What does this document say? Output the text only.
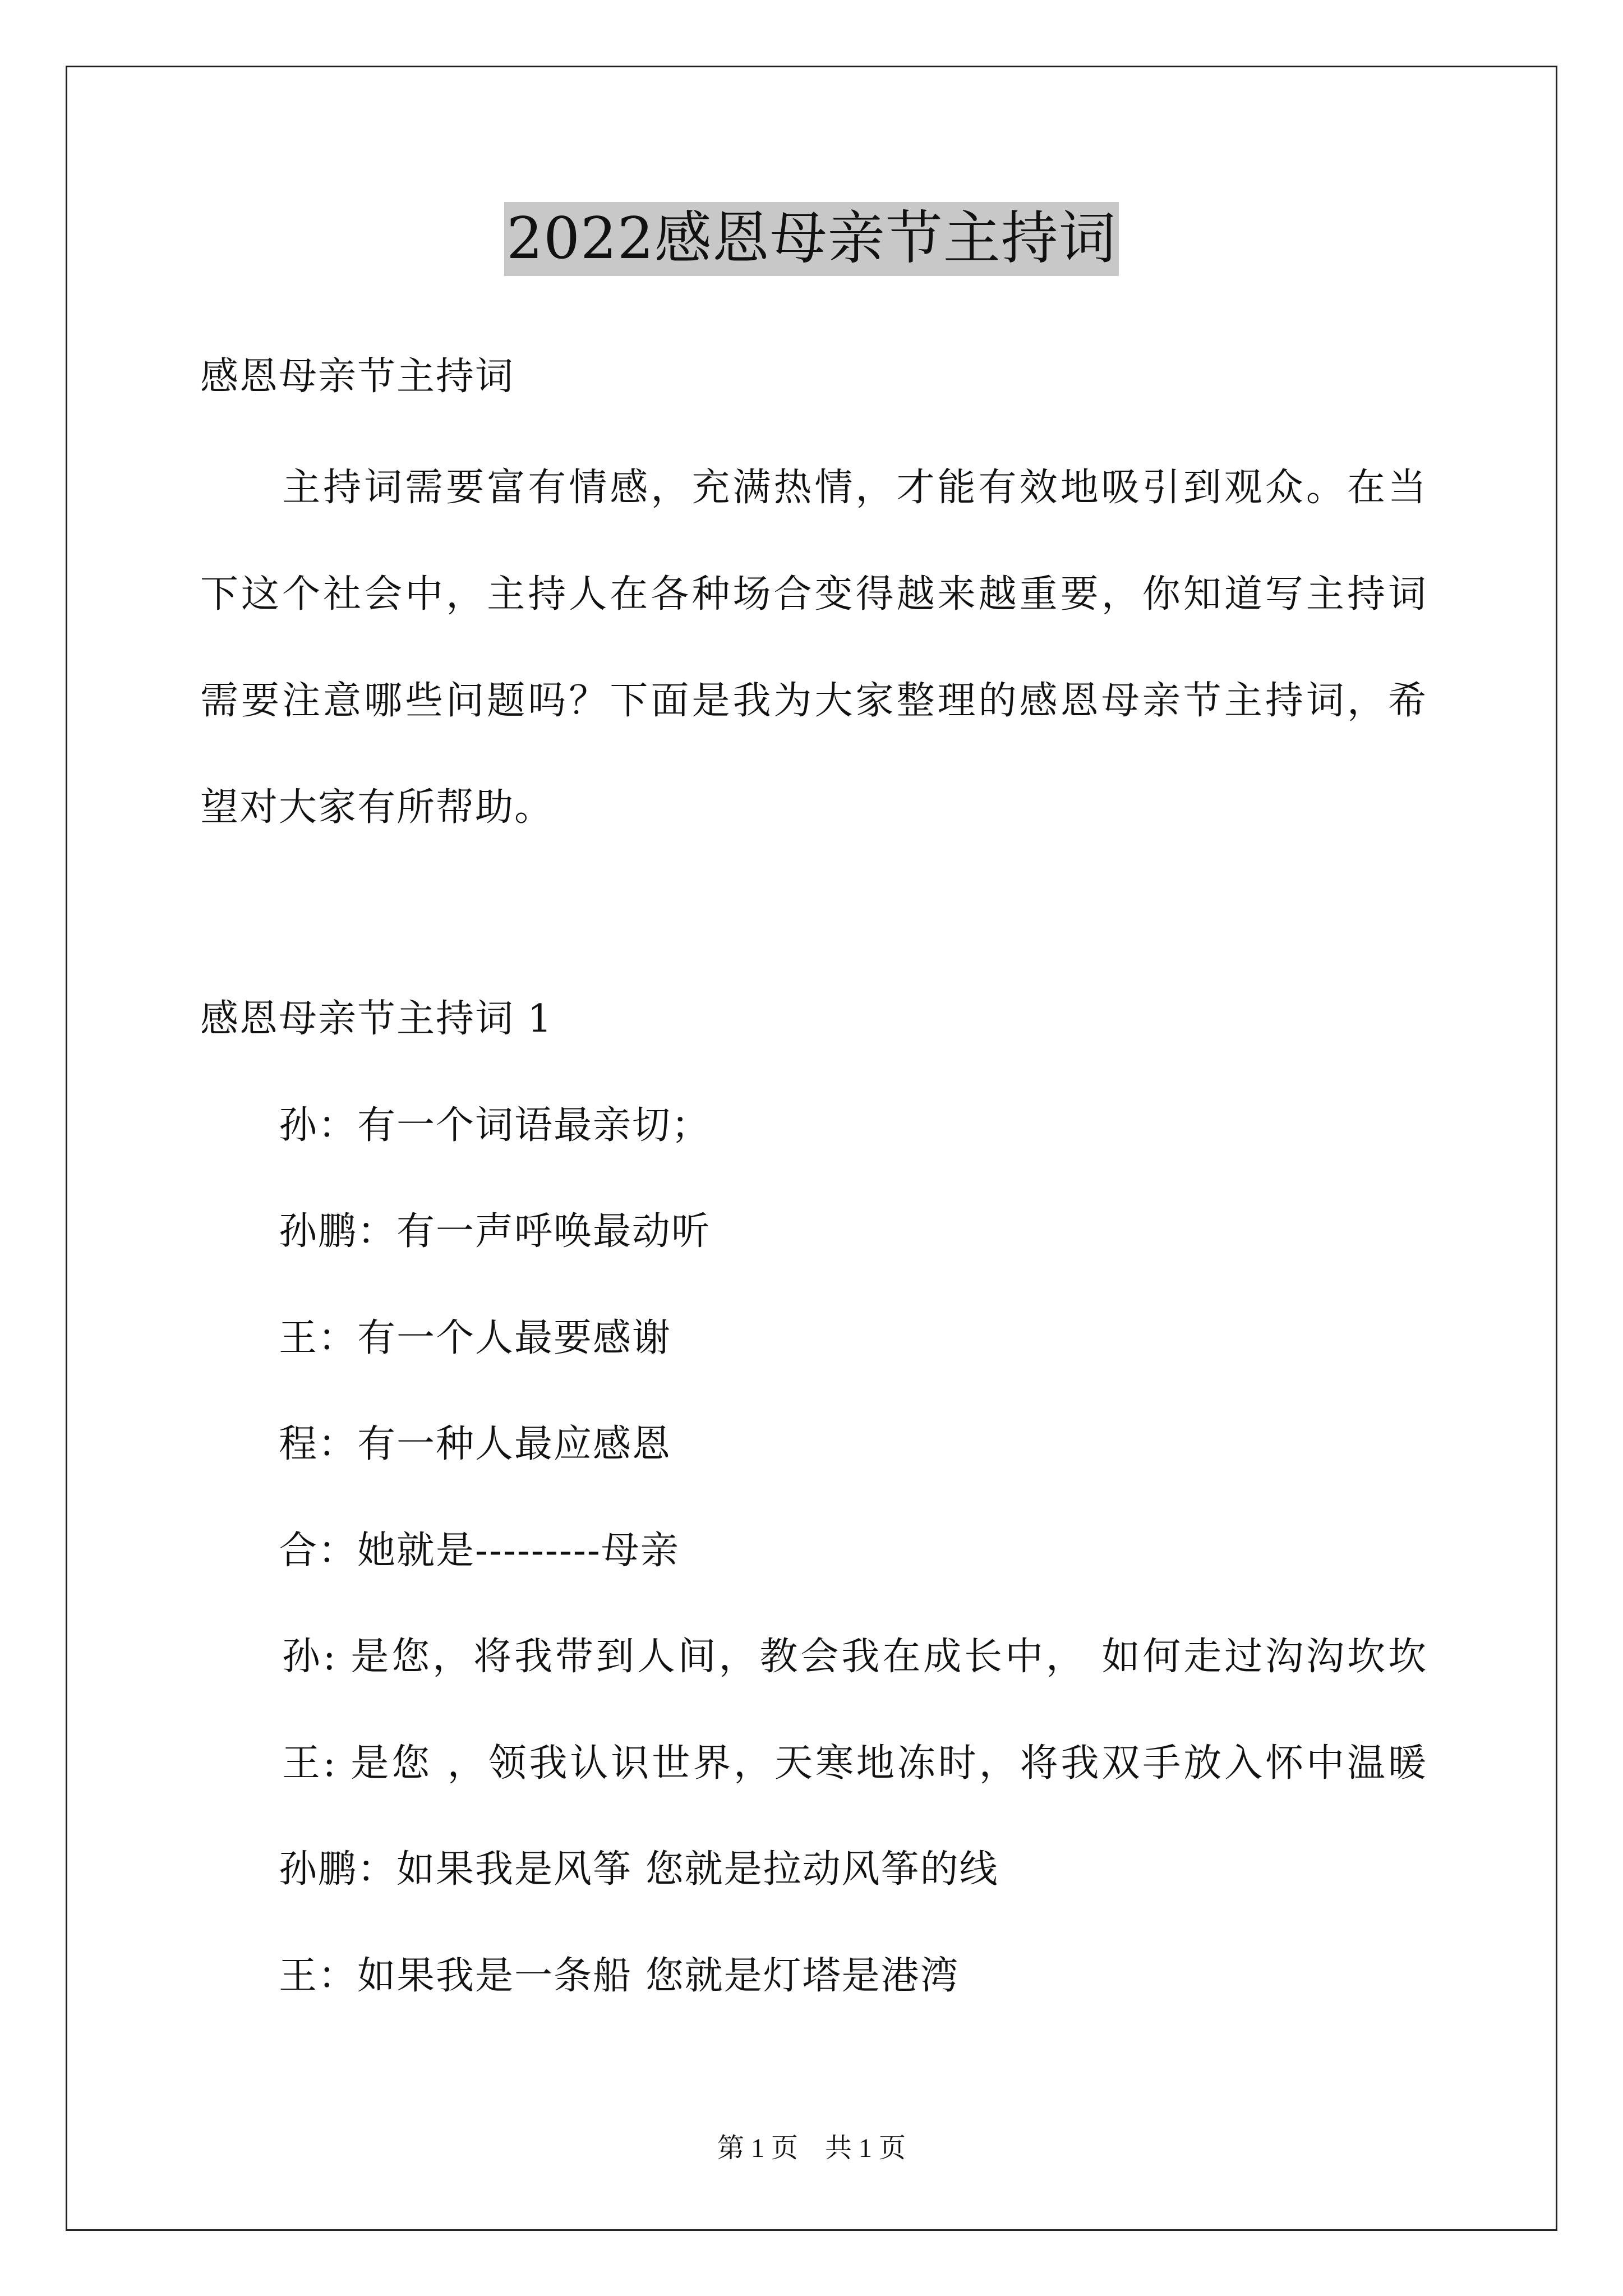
2022感恩母亲节主持词
感恩母亲节主持词
　　主持词需要富有情感，充满热情，才能有效地吸引到观众。在当
下这个社会中，主持人在各种场合变得越来越重要，你知道写主持词
需要注意哪些问题吗？下面是我为大家整理的感恩母亲节主持词，希
望对大家有所帮助。
感恩母亲节主持词 1
　　孙：有一个词语最亲切；
　　孙鹏：有一声呼唤最动听
　　王：有一个人最要感谢
　　程：有一种人最应感恩
　　合：她就是---------母亲
　　孙: 是您，将我带到人间，教会我在成长中， 如何走过沟沟坎坎
　　王: 是您 ，领我认识世界，天寒地冻时，将我双手放入怀中温暖
　　孙鹏：如果我是风筝 您就是拉动风筝的线
　　王：如果我是一条船 您就是灯塔是港湾
第 1 页　共 1 页
